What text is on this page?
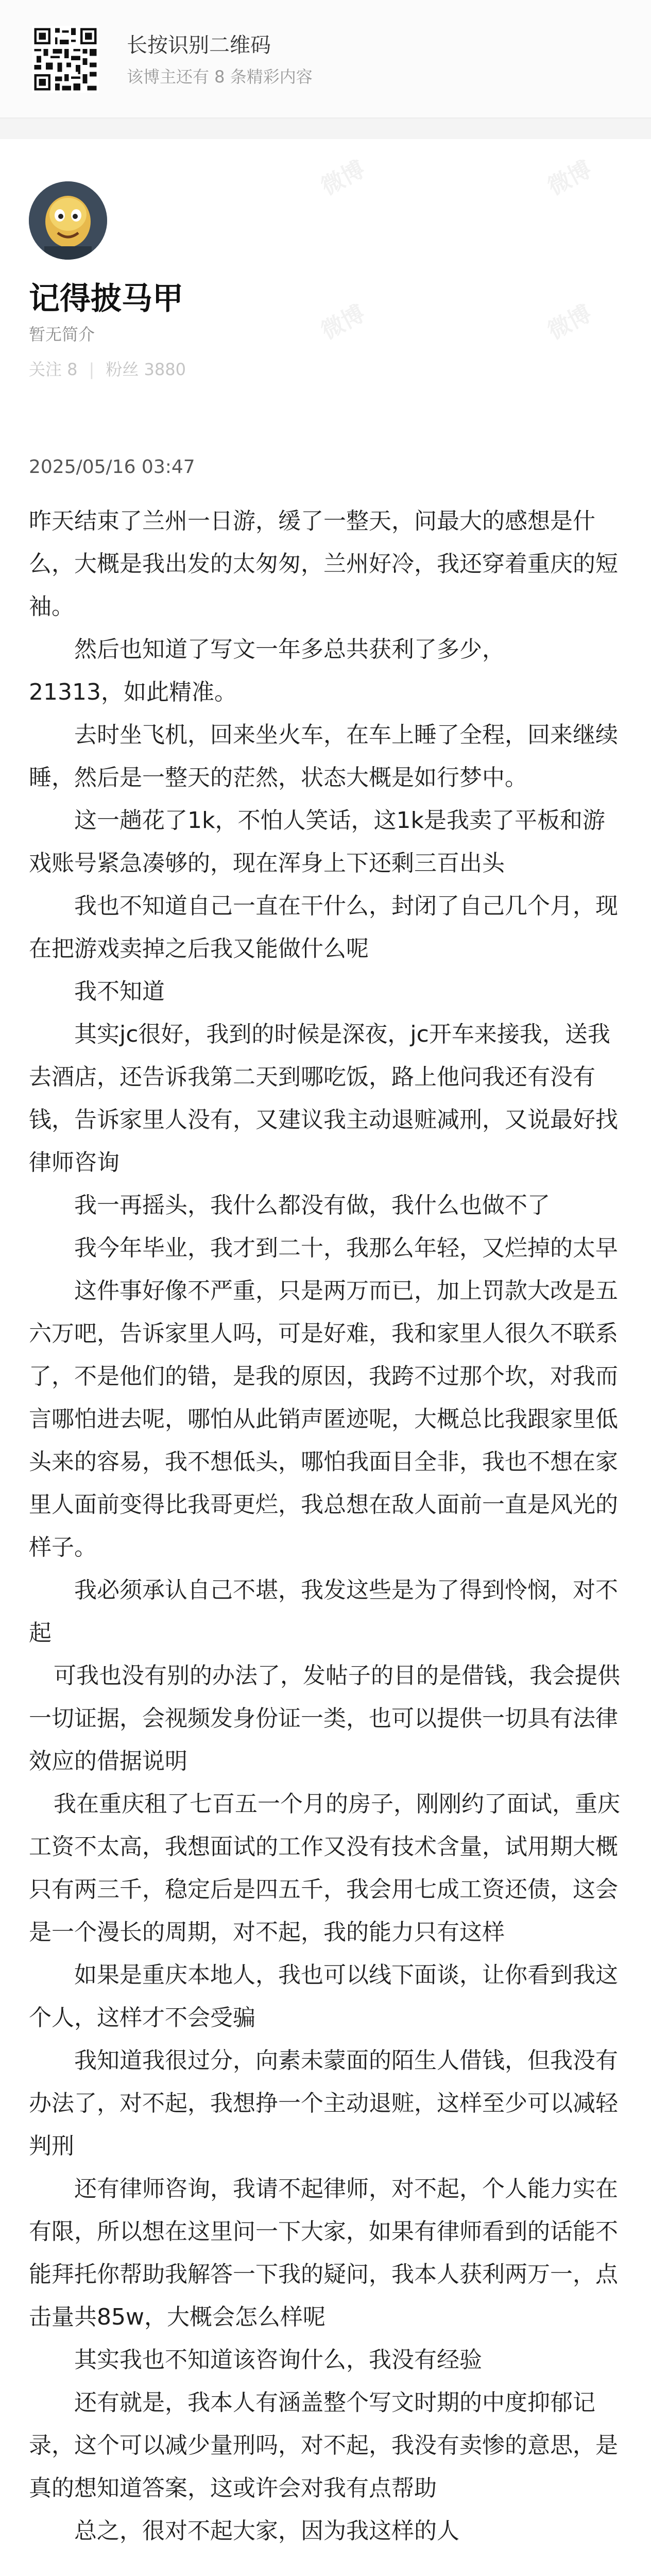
长按识别二维码
该博主还有 8 条精彩内容
微博	微博
微博	微博
记得披马甲
暂无简介
关注 8 | 粉丝 3880
2025/05/16 03:47

昨天结束了兰州一日游，缓了一整天，问最大的感想是什么，大概是我出发的太匆匆，兰州好冷，我还穿着重庆的短袖。

然后也知道了写文一年多总共获利了多少，

21313，如此精准。

去时坐飞机，回来坐火车，在车上睡了全程，回来继续睡，然后是一整天的茫然，状态大概是如行梦中。

这一趟花了1k，不怕人笑话，这1k是我卖了平板和游戏账号紧急凑够的，现在浑身上下还剩三百出头

我也不知道自己一直在干什么，封闭了自己几个月，现在把游戏卖掉之后我又能做什么呢

我不知道

其实jc很好，我到的时候是深夜，jc开车来接我，送我去酒店，还告诉我第二天到哪吃饭，路上他问我还有没有钱，告诉家里人没有，又建议我主动退赃减刑，又说最好找律师咨询

我一再摇头，我什么都没有做，我什么也做不了

我今年毕业，我才到二十，我那么年轻，又烂掉的太早

这件事好像不严重，只是两万而已，加上罚款大改是五六万吧，告诉家里人吗，可是好难，我和家里人很久不联系了，不是他们的错，是我的原因，我跨不过那个坎，对我而言哪怕进去呢，哪怕从此销声匿迹呢，大概总比我跟家里低头来的容易，我不想低头，哪怕我面目全非，我也不想在家里人面前变得比我哥更烂，我总想在敌人面前一直是风光的样子。

我必须承认自己不堪，我发这些是为了得到怜悯，对不起

可我也没有别的办法了，发帖子的目的是借钱，我会提供一切证据，会视频发身份证一类，也可以提供一切具有法律效应的借据说明

我在重庆租了七百五一个月的房子，刚刚约了面试，重庆工资不太高，我想面试的工作又没有技术含量，试用期大概只有两三千，稳定后是四五千，我会用七成工资还债，这会是一个漫长的周期，对不起，我的能力只有这样

如果是重庆本地人，我也可以线下面谈，让你看到我这个人，这样才不会受骗

我知道我很过分，向素未蒙面的陌生人借钱，但我没有办法了，对不起，我想挣一个主动退赃，这样至少可以减轻判刑

还有律师咨询，我请不起律师，对不起，个人能力实在有限，所以想在这里问一下大家，如果有律师看到的话能不能拜托你帮助我解答一下我的疑问，我本人获利两万一，点击量共85w，大概会怎么样呢

其实我也不知道该咨询什么，我没有经验

还有就是，我本人有涵盖整个写文时期的中度抑郁记录，这个可以减少量刑吗，对不起，我没有卖惨的意思，是真的想知道答案，这或许会对我有点帮助

总之，很对不起大家，因为我这样的人
